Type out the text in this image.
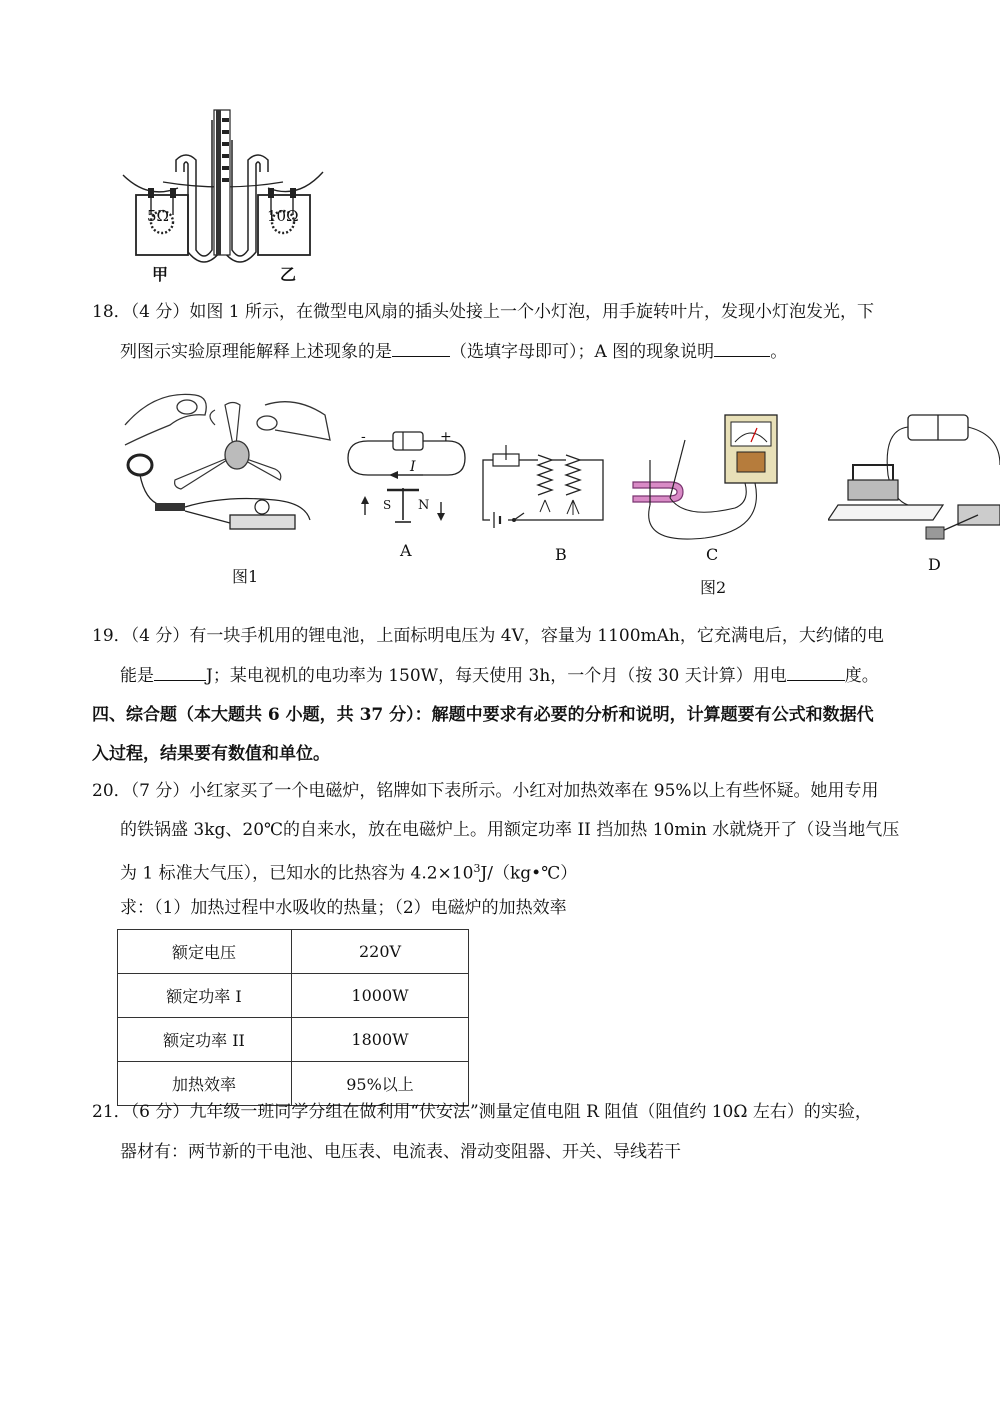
5Ω	10Ω
甲	乙
18．（4 分）如图 1 所示，在微型电风扇的插头处接上一个小灯泡，用手旋转叶片，发现小灯泡发光，下
列图示实验原理能解释上述现象的是	（选填字母即可）；A 图的现象说明	。
图1
-	+
I
S N
A	B	C
图2
D
19．（4 分）有一块手机用的锂电池，上面标明电压为 4V，容量为 1100mAh，它充满电后，大约储的电
能是	J；某电视机的电功率为 150W，每天使用 3h，一个月（按 30 天计算）用电	度。
四、综合题（本大题共 6 小题，共 37 分）：解题中要求有必要的分析和说明，计算题要有公式和数据代
入过程，结果要有数值和单位。
20．（7 分）小红家买了一个电磁炉，铭牌如下表所示。小红对加热效率在 95%以上有些怀疑。她用专用
的铁锅盛 3kg、20℃的自来水，放在电磁炉上。用额定功率 II 挡加热 10min 水就烧开了（设当地气压
为 1 标准大气压），已知水的比热容为 $4.2\times 10^3J/(kg•℃)$
求：（1）加热过程中水吸收的热量；（2）电磁炉的加热效率
额定电压	220V
额定功率 I	1000W
额定功率 II	1800W
加热效率	95%以上
21．（6 分）九年级一班同学分组在做利用“伏安法”测量定值电阻 R 阻值（阻值约 10Ω 左右）的实验，
器材有：两节新的干电池、电压表、电流表、滑动变阻器、开关、导线若干
